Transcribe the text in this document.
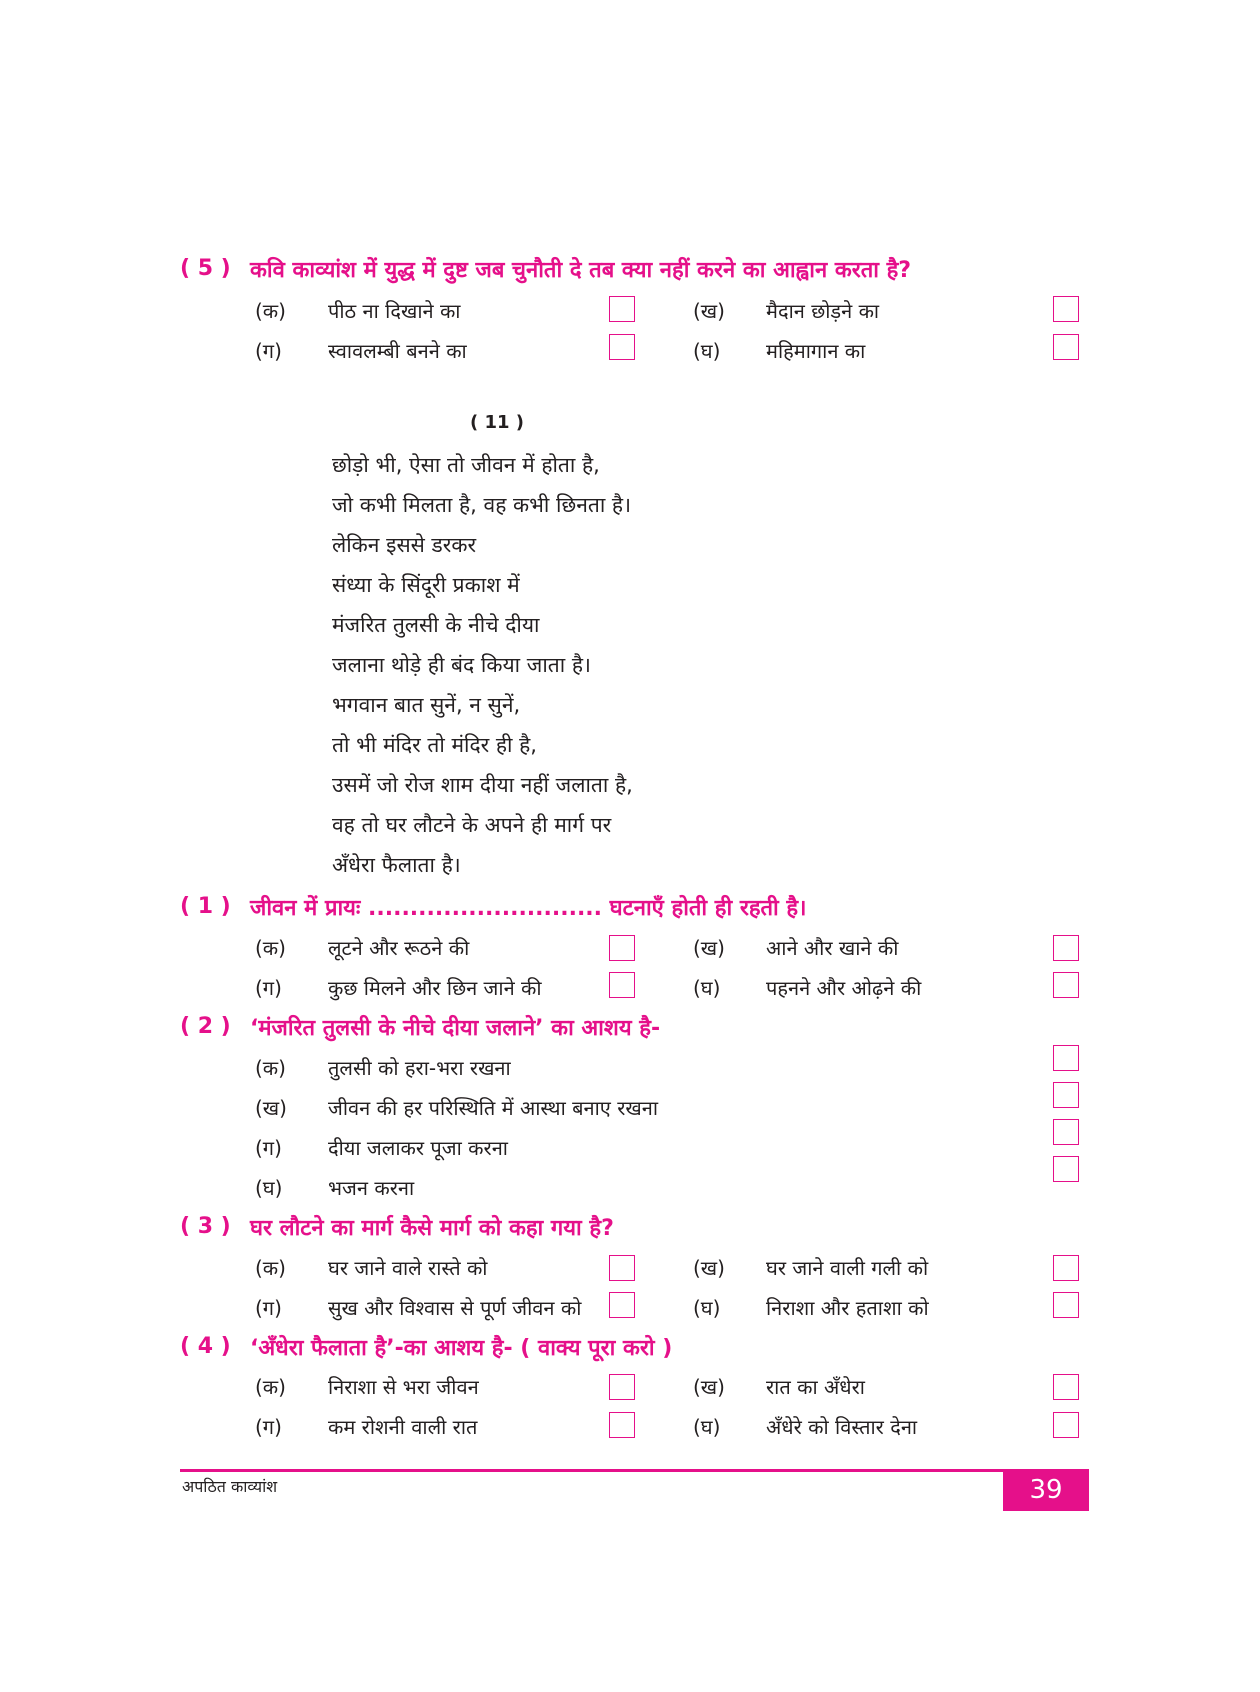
( 5 ) कवि काव्यांश में युद्ध में दुष्ट जब चुनौती दे तब क्या नहीं करने का आह्वान करता है?
(क) पीठ ना दिखाने का	(ख) मैदान छोड़ने का
(ग) स्वावलम्बी बनने का	(घ) महिमागान का
( 11 )
छोड़ो भी, ऐसा तो जीवन में होता है,
जो कभी मिलता है, वह कभी छिनता है।
लेकिन इससे डरकर
संध्या के सिंदूरी प्रकाश में
मंजरित तुलसी के नीचे दीया
जलाना थोड़े ही बंद किया जाता है।
भगवान बात सुनें, न सुनें,
तो भी मंदिर तो मंदिर ही है,
उसमें जो रोज शाम दीया नहीं जलाता है,
वह तो घर लौटने के अपने ही मार्ग पर
अँधेरा फैलाता है।
( 1 ) जीवन में प्रायः ............................ घटनाएँ होती ही रहती है।
(क) लूटने और रूठने की	(ख) आने और खाने की
(ग) कुछ मिलने और छिन जाने की	(घ) पहनने और ओढ़ने की
( 2 ) ‘मंजरित तुलसी के नीचे दीया जलाने’ का आशय है-
(क) तुलसी को हरा-भरा रखना
(ख) जीवन की हर परिस्थिति में आस्था बनाए रखना
(ग) दीया जलाकर पूजा करना
(घ) भजन करना
( 3 ) घर लौटने का मार्ग कैसे मार्ग को कहा गया है?
(क) घर जाने वाले रास्ते को	(ख) घर जाने वाली गली को
(ग) सुख और विश्वास से पूर्ण जीवन को	(घ) निराशा और हताशा को
( 4 ) ‘अँधेरा फैलाता है’-का आशय है- ( वाक्य पूरा करो )
(क) निराशा से भरा जीवन	(ख) रात का अँधेरा
(ग) कम रोशनी वाली रात	(घ) अँधेरे को विस्तार देना
अपठित काव्यांश	39
